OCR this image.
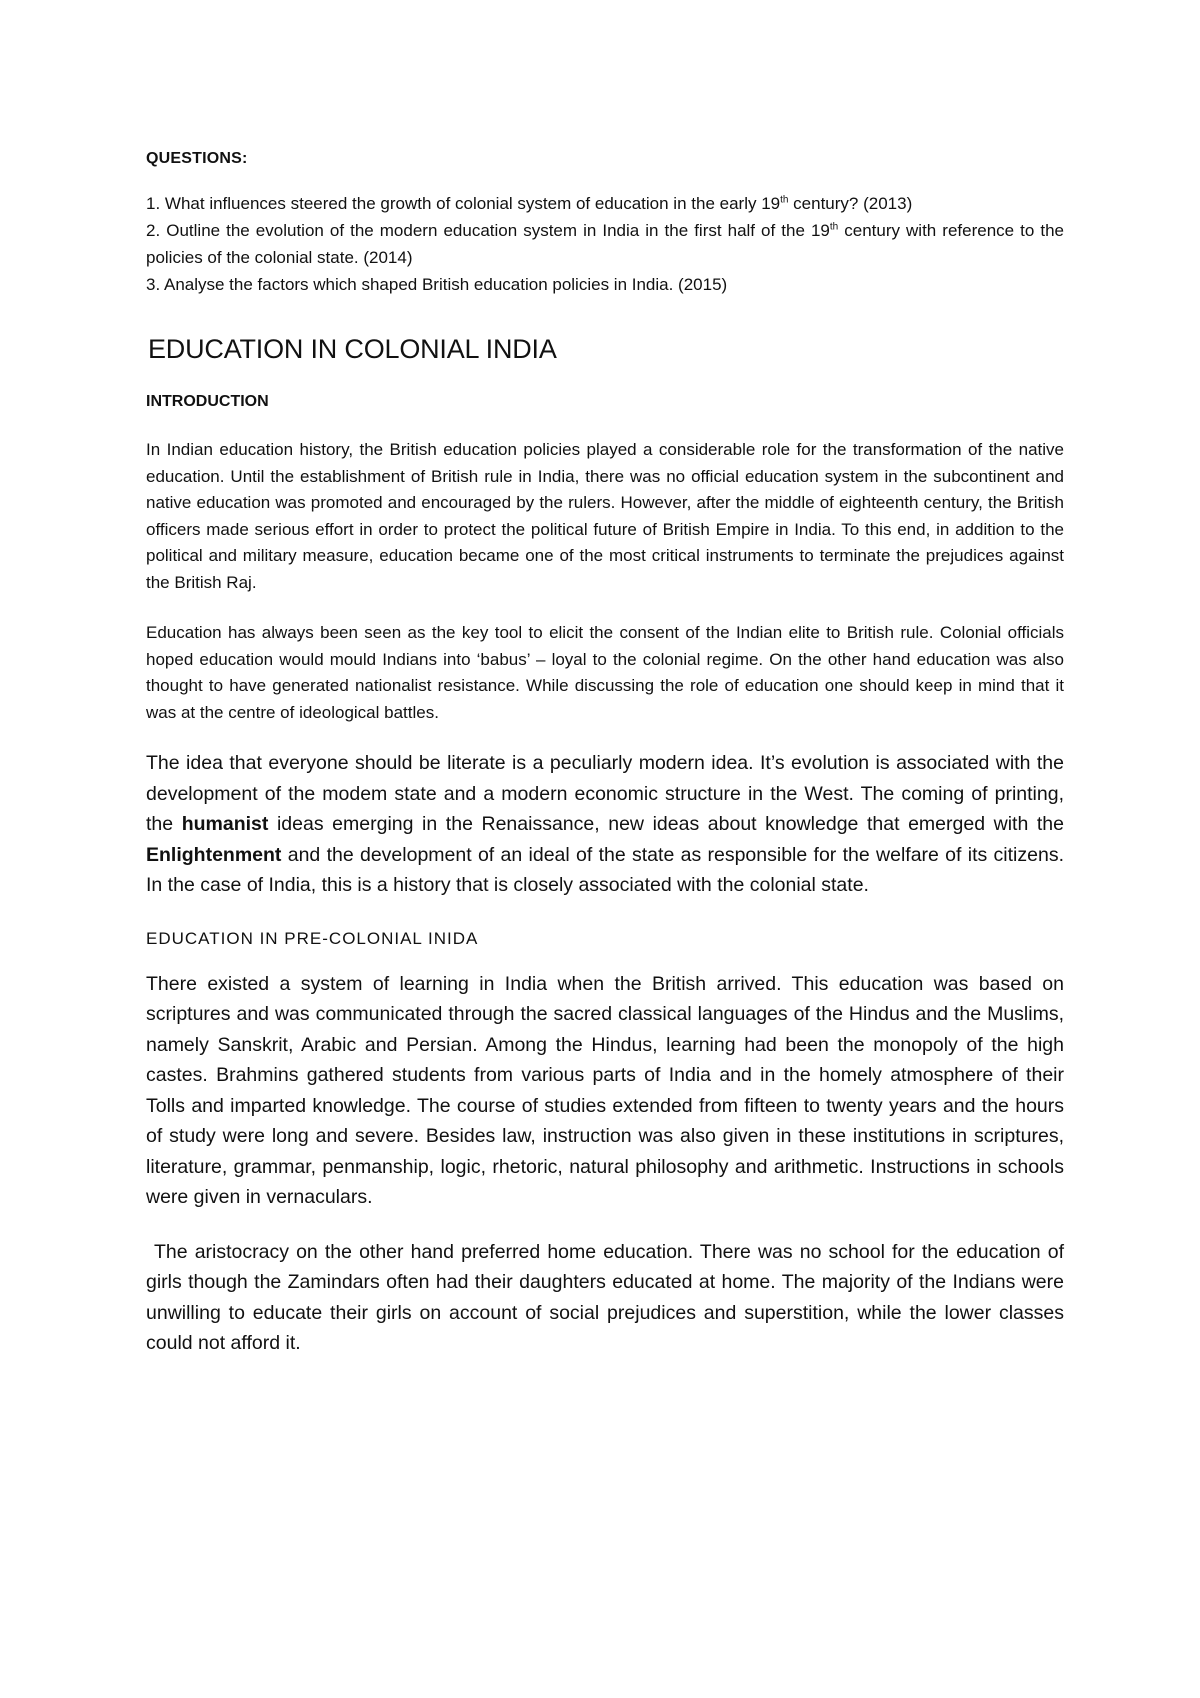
QUESTIONS:

1. What influences steered the growth of colonial system of education in the early 19th century? (2013)

2. Outline the evolution of the modern education system in India in the first half of the 19th century with reference to the policies of the colonial state. (2014)

3. Analyse the factors which shaped British education policies in India. (2015)

EDUCATION IN COLONIAL INDIA
INTRODUCTION

In Indian education history, the British education policies played a considerable role for the transformation of the native education. Until the establishment of British rule in India, there was no official education system in the subcontinent and native education was promoted and encouraged by the rulers. However, after the middle of eighteenth century, the British officers made serious effort in order to protect the political future of British Empire in India. To this end, in addition to the political and military measure, education became one of the most critical instruments to terminate the prejudices against the British Raj.

Education has always been seen as the key tool to elicit the consent of the Indian elite to British rule. Colonial officials hoped education would mould Indians into ‘babus’ – loyal to the colonial regime. On the other hand education was also thought to have generated nationalist resistance. While discussing the role of education one should keep in mind that it was at the centre of ideological battles.

The idea that everyone should be literate is a peculiarly modern idea. It’s evolution is associated with the development of the modem state and a modern economic structure in the West. The coming of printing, the humanist ideas emerging in the Renaissance, new ideas about knowledge that emerged with the Enlightenment and the development of an ideal of the state as responsible for the welfare of its citizens. In the case of India, this is a history that is closely associated with the colonial state.

EDUCATION IN PRE-COLONIAL INIDA

There existed a system of learning in India when the British arrived. This education was based on scriptures and was communicated through the sacred classical languages of the Hindus and the Muslims, namely Sanskrit, Arabic and Persian. Among the Hindus, learning had been the monopoly of the high castes. Brahmins gathered students from various parts of India and in the homely atmosphere of their Tolls and imparted knowledge. The course of studies extended from fifteen to twenty years and the hours of study were long and severe. Besides law, instruction was also given in these institutions in scriptures, literature, grammar, penmanship, logic, rhetoric, natural philosophy and arithmetic. Instructions in schools were given in vernaculars.

The aristocracy on the other hand preferred home education. There was no school for the education of girls though the Zamindars often had their daughters educated at home. The majority of the Indians were unwilling to educate their girls on account of social prejudices and superstition, while the lower classes could not afford it.
